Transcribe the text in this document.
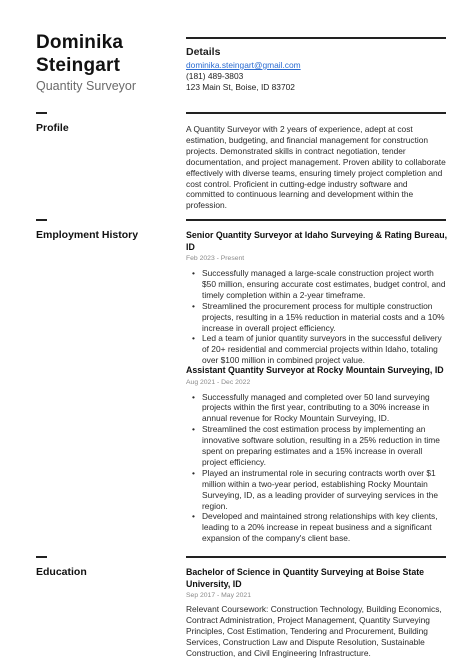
Dominika
Steingart
Quantity Surveyor
Details
dominika.steingart@gmail.com
(181) 489-3803
123 Main St, Boise, ID 83702
Profile	A Quantity Surveyor with 2 years of experience, adept at cost estimation, budgeting, and financial management for construction projects. Demonstrated skills in contract negotiation, tender documentation, and project management. Proven ability to collaborate effectively with diverse teams, ensuring timely project completion and cost control. Proficient in cutting-edge industry software and committed to continuous learning and development within the profession.
Employment History	Senior Quantity Surveyor at Idaho Surveying & Rating Bureau, ID
Feb 2023 - Present
• Successfully managed a large-scale construction project worth $50 million, ensuring accurate cost estimates, budget control, and timely completion within a 2-year timeframe.
• Streamlined the procurement process for multiple construction projects, resulting in a 15% reduction in material costs and a 10% increase in overall project efficiency.
• Led a team of junior quantity surveyors in the successful delivery of 20+ residential and commercial projects within Idaho, totaling over $100 million in combined project value.
Assistant Quantity Surveyor at Rocky Mountain Surveying, ID
Aug 2021 - Dec 2022
• Successfully managed and completed over 50 land surveying projects within the first year, contributing to a 30% increase in annual revenue for Rocky Mountain Surveying, ID.
• Streamlined the cost estimation process by implementing an innovative software solution, resulting in a 25% reduction in time spent on preparing estimates and a 15% increase in overall project efficiency.
• Played an instrumental role in securing contracts worth over $1 million within a two-year period, establishing Rocky Mountain Surveying, ID, as a leading provider of surveying services in the region.
• Developed and maintained strong relationships with key clients, leading to a 20% increase in repeat business and a significant expansion of the company's client base.
Education	Bachelor of Science in Quantity Surveying at Boise State University, ID
Sep 2017 - May 2021
Relevant Coursework: Construction Technology, Building Economics, Contract Administration, Project Management, Quantity Surveying Principles, Cost Estimation, Tendering and Procurement, Building Services, Construction Law and Dispute Resolution, Sustainable Construction, and Civil Engineering Infrastructure.
